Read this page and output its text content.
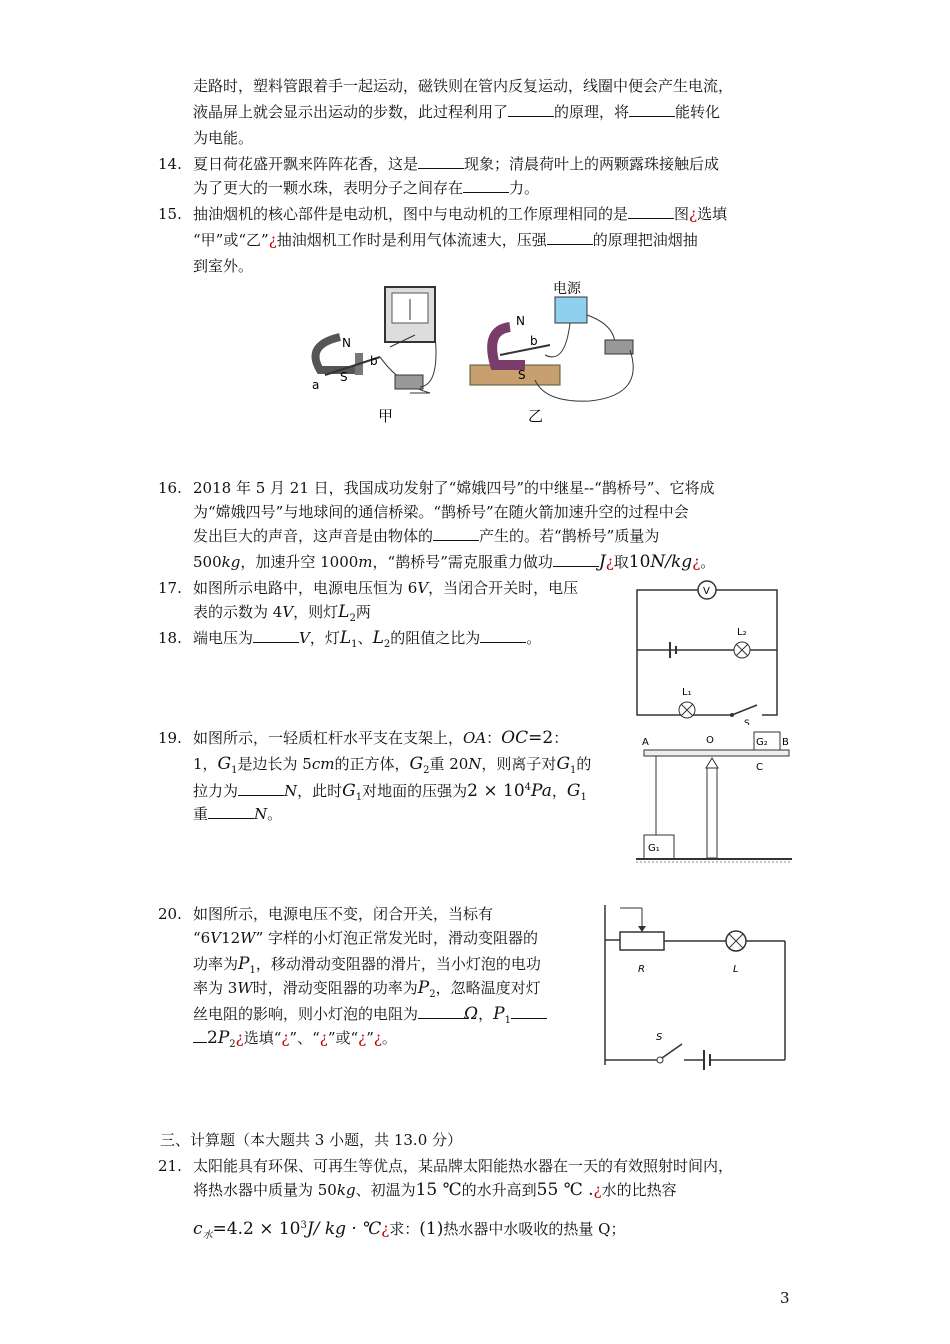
走路时，塑料管跟着手一起运动，磁铁则在管内反复运动，线圈中便会产生电流，
液晶屏上就会显示出运动的步数，此过程利用了	的原理，将	能转化
为电能。
14. 夏日荷花盛开飘来阵阵花香，这是	现象；清晨荷叶上的两颗露珠接触后成
为了更大的一颗水珠，表明分子之间存在	力。
15. 抽油烟机的核心部件是电动机，图中与电动机的工作原理相同的是	图¿选填
“甲”或“乙”¿抽油烟机工作时是利用气体流速大，压强	的原理把油烟抽
到室外。
N
S
a
b
甲
电源
N
S
b
乙
16. 2018 年 5 月 21 日，我国成功发射了“嫦娥四号”的中继星--“鹊桥号”、它将成
为“嫦娥四号”与地球间的通信桥梁。“鹊桥号”在随火箭加速升空的过程中会
发出巨大的声音，这声音是由物体的	产生的。若“鹊桥号”质量为
500kg，加速升空 1000m，“鹊桥号”需克服重力做功	J¿取10N/kg¿。
17. 如图所示电路中，电源电压恒为 6V，当闭合开关时，电压
表的示数为 4V，则灯$L_2$两
18. 端电压为	V，灯$L_1$、$L_2$的阻值之比为	。
V
L₂
L₁
S
19. 如图所示，一轻质杠杆水平支在支架上，OA：OC=2：
1，$G_1$是边长为 5cm的正方体，$G_2$重 20N，则离子对$G_1$的
拉力为	N，此时$G_1$对地面的压强为$2 \times 10^4Pa$，$G_1$
重	N。
G₂
A	O	B
C
G₁
20. 如图所示，电源电压不变，闭合开关，当标有
“6V12W” 字样的小灯泡正常发光时，滑动变阻器的
功率为$P_1$，移动滑动变阻器的滑片，当小灯泡的电功
率为 3W时，滑动变阻器的功率为$P_2$，忽略温度对灯
丝电阻的影响，则小灯泡的电阻为	Ω，$P_1$
$2P_2¿$选填“¿”、“¿”或“¿”¿。
R	L
S
三、计算题（本大题共 3 小题，共 13.0 分）
21. 太阳能具有环保、可再生等优点，某品牌太阳能热水器在一天的有效照射时间内，
将热水器中质量为 50kg、初温为15 ℃的水升高到55 ℃ .¿水的比热容
$c_水=4.2 \times 10^3J/$ kg · ℃¿求：(1)热水器中水吸收的热量 Q；
3
